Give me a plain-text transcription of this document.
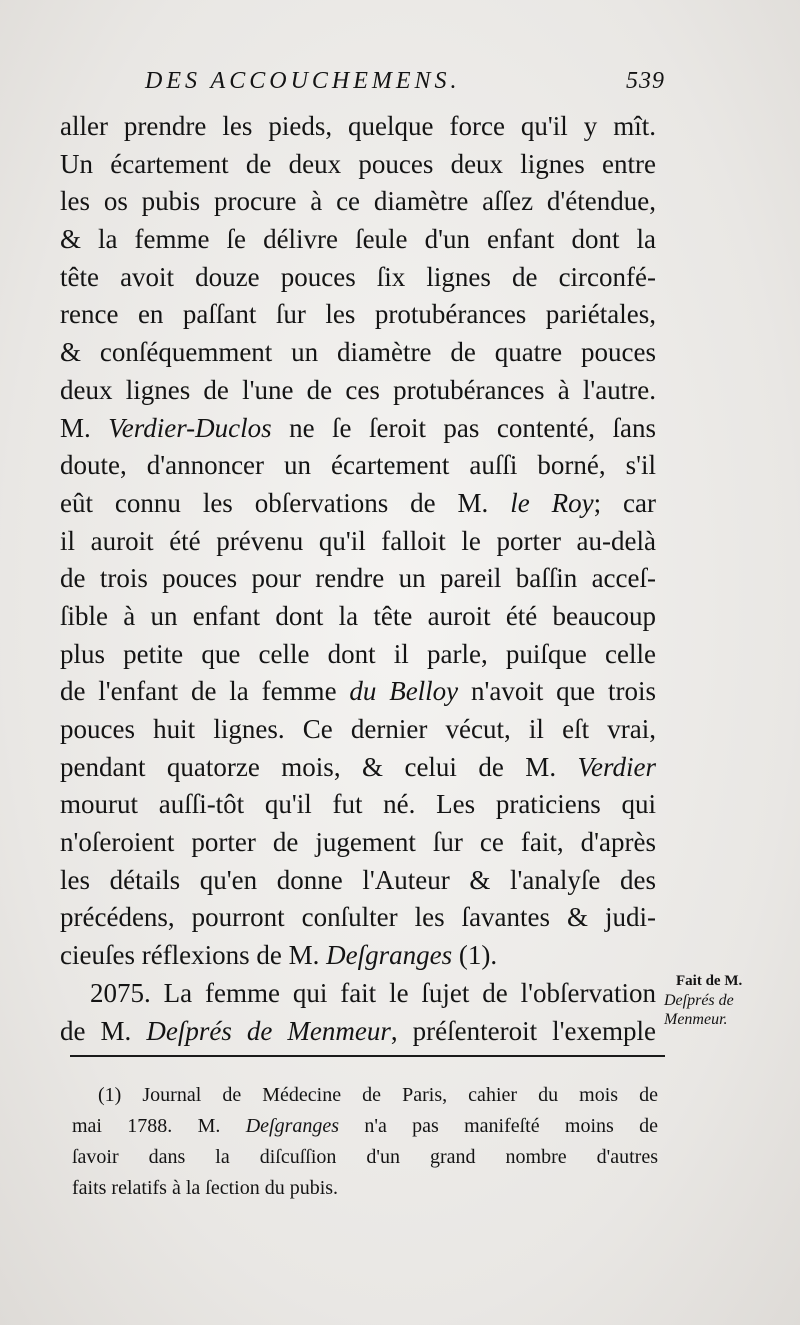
DES ACCOUCHEMENS.	539
aller prendre les pieds, quelque force qu'il y mît.
Un écartement de deux pouces deux lignes entre
les os pubis procure à ce diamètre aſſez d'étendue,
& la femme ſe délivre ſeule d'un enfant dont la
tête avoit douze pouces ſix lignes de circonfé-
rence en paſſant ſur les protubérances pariétales,
& conſéquemment un diamètre de quatre pouces
deux lignes de l'une de ces protubérances à l'autre.
M. Verdier-Duclos ne ſe ſeroit pas contenté, ſans
doute, d'annoncer un écartement auſſi borné, s'il
eût connu les obſervations de M. le Roy; car
il auroit été prévenu qu'il falloit le porter au-delà
de trois pouces pour rendre un pareil baſſin acceſ-
ſible à un enfant dont la tête auroit été beaucoup
plus petite que celle dont il parle, puiſque celle
de l'enfant de la femme du Belloy n'avoit que trois
pouces huit lignes. Ce dernier vécut, il eſt vrai,
pendant quatorze mois, & celui de M. Verdier
mourut auſſi-tôt qu'il fut né. Les praticiens qui
n'oſeroient porter de jugement ſur ce fait, d'après
les détails qu'en donne l'Auteur & l'analyſe des
précédens, pourront conſulter les ſavantes & judi-
cieuſes réflexions de M. Deſgranges (1).
2075. La femme qui fait le ſujet de l'obſervation
de M. Deſprés de Menmeur, préſenteroit l'exemple
Fait de M.
Deſprés de
Menmeur.
(1) Journal de Médecine de Paris, cahier du mois de
mai 1788. M. Deſgranges n'a pas manifeſté moins de
ſavoir dans la diſcuſſion d'un grand nombre d'autres
faits relatifs à la ſection du pubis.
